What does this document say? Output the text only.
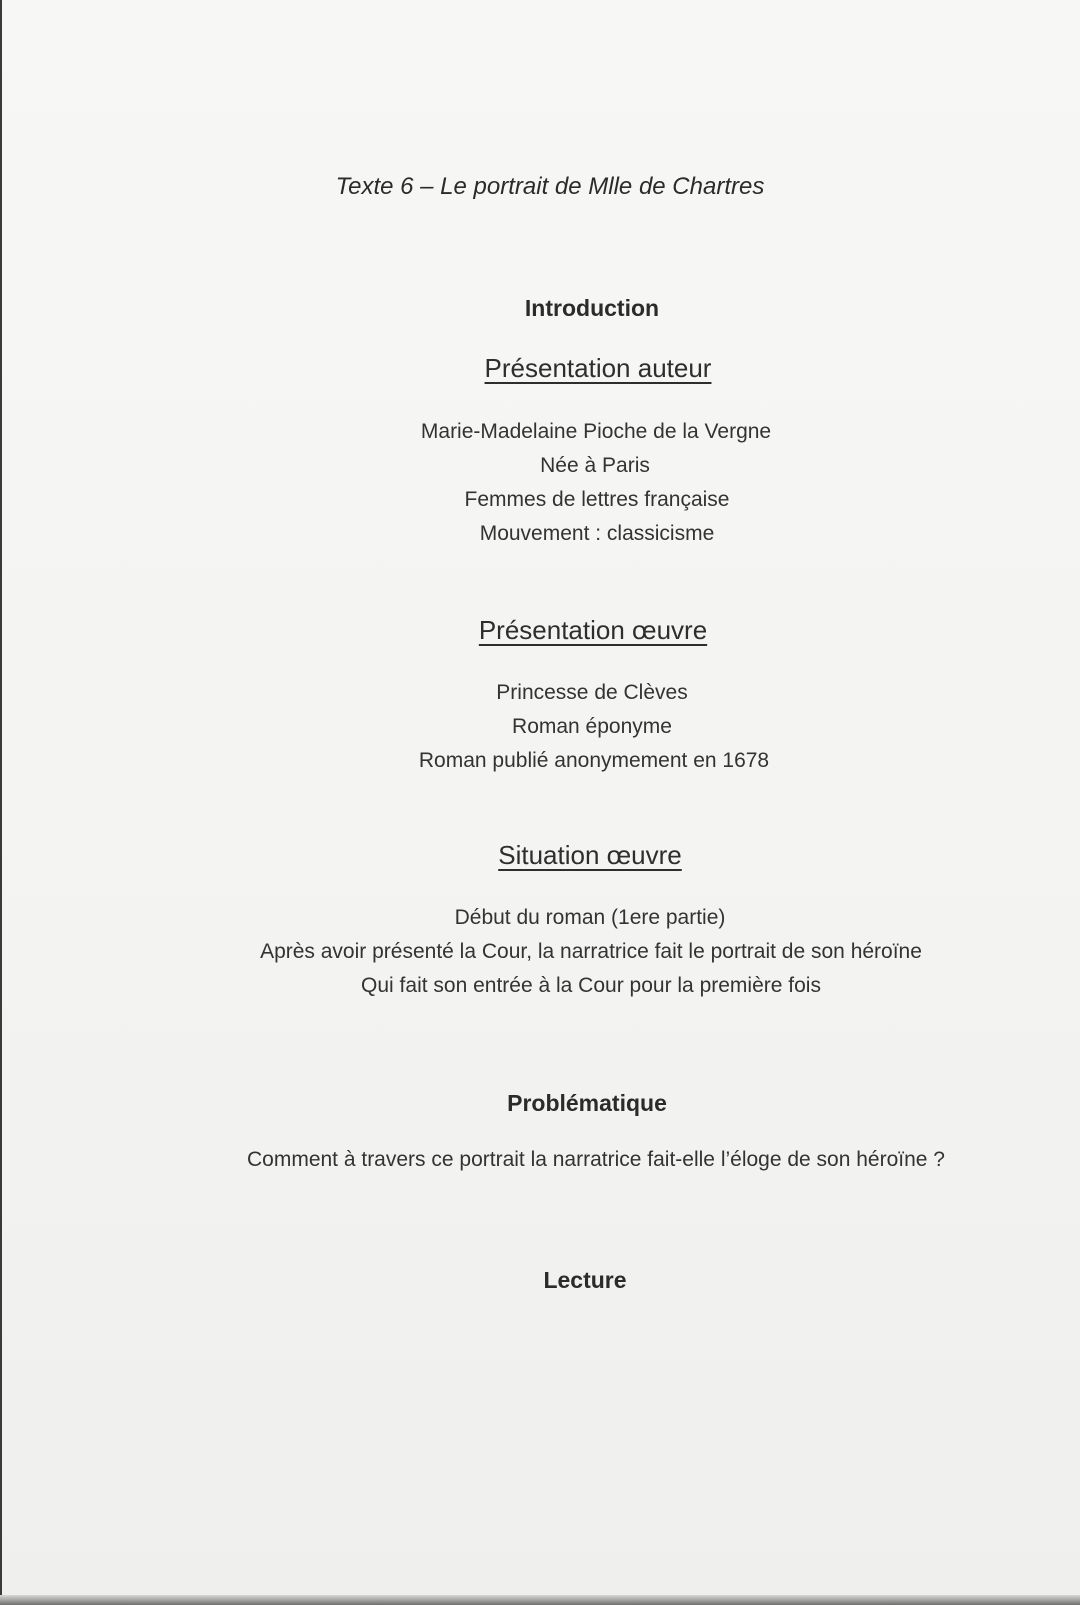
Texte 6 – Le portrait de Mlle de Chartres
Introduction
Présentation auteur
Marie-Madelaine Pioche de la Vergne
Née à Paris
Femmes de lettres française
Mouvement : classicisme
Présentation œuvre
Princesse de Clèves
Roman éponyme
Roman publié anonymement en 1678
Situation œuvre
Début du roman (1ere partie)
Après avoir présenté la Cour, la narratrice fait le portrait de son héroïne
Qui fait son entrée à la Cour pour la première fois
Problématique
Comment à travers ce portrait la narratrice fait-elle l’éloge de son héroïne ?
Lecture
